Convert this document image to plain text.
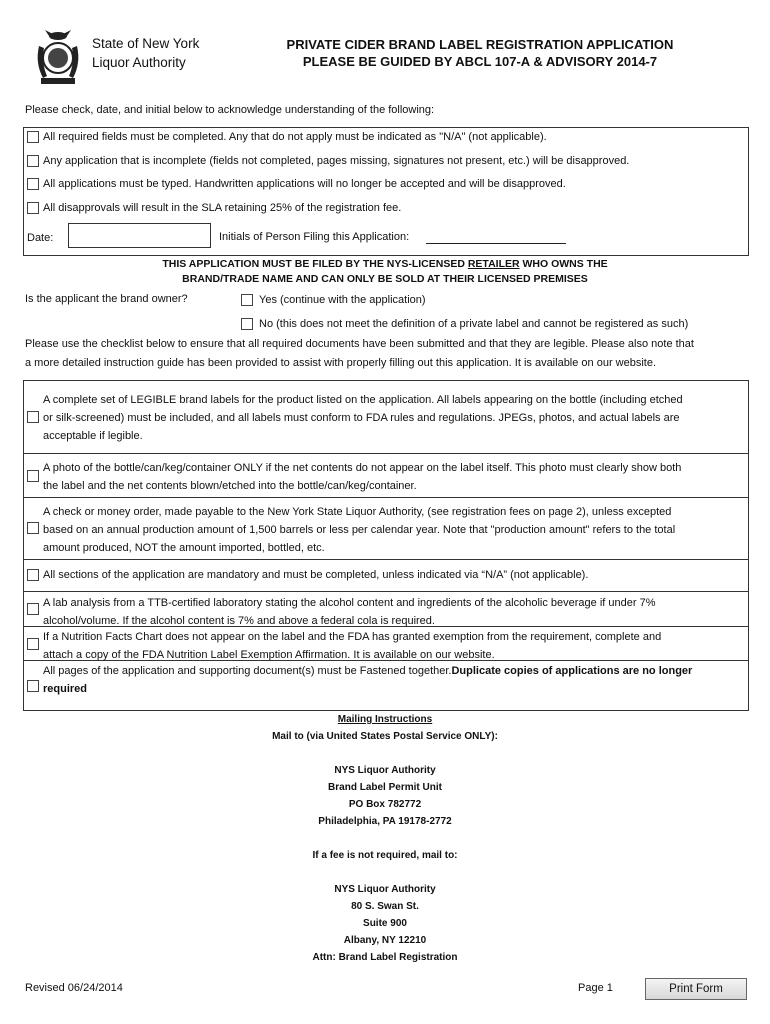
State of New York
Liquor Authority
PRIVATE CIDER BRAND LABEL REGISTRATION APPLICATION
PLEASE BE GUIDED BY ABCL 107-A & ADVISORY 2014-7
Please check, date, and initial below to acknowledge understanding of the following:
All required fields must be completed. Any that do not apply must be indicated as "N/A" (not applicable).
Any application that is incomplete (fields not completed, pages missing, signatures not present, etc.) will be disapproved.
All applications must be typed. Handwritten applications will no longer be accepted and will be disapproved.
All disapprovals will result in the SLA retaining 25% of the registration fee.
Date:	Initials of Person Filing this Application:
THIS APPLICATION MUST BE FILED BY THE NYS-LICENSED RETAILER WHO OWNS THE
BRAND/TRADE NAME AND CAN ONLY BE SOLD AT THEIR LICENSED PREMISES
Is the applicant the brand owner?	Yes (continue with the application)
No (this does not meet the definition of a private label and cannot be registered as such)
Please use the checklist below to ensure that all required documents have been submitted and that they are legible. Please also note that
a more detailed instruction guide has been provided to assist with properly filling out this application. It is available on our website.
A complete set of LEGIBLE brand labels for the product listed on the application. All labels appearing on the bottle (including etched
or silk-screened) must be included, and all labels must conform to FDA rules and regulations. JPEGs, photos, and actual labels are
acceptable if legible.
A photo of the bottle/can/keg/container ONLY if the net contents do not appear on the label itself. This photo must clearly show both
the label and the net contents blown/etched into the bottle/can/keg/container.
A check or money order, made payable to the New York State Liquor Authority, (see registration fees on page 2), unless excepted
based on an annual production amount of 1,500 barrels or less per calendar year. Note that "production amount" refers to the total
amount produced, NOT the amount imported, bottled, etc.
All sections of the application are mandatory and must be completed, unless indicated via “N/A” (not applicable).
A lab analysis from a TTB-certified laboratory stating the alcohol content and ingredients of the alcoholic beverage if under 7%
alcohol/volume. If the alcohol content is 7% and above a federal cola is required.
If a Nutrition Facts Chart does not appear on the label and the FDA has granted exemption from the requirement, complete and
attach a copy of the FDA Nutrition Label Exemption Affirmation. It is available on our website.
All pages of the application and supporting document(s) must be Fastened together.Duplicate copies of applications are no longer
required
Mailing Instructions
Mail to (via United States Postal Service ONLY):
NYS Liquor Authority
Brand Label Permit Unit
PO Box 782772
Philadelphia, PA 19178-2772
If a fee is not required, mail to:
NYS Liquor Authority
80 S. Swan St.
Suite 900
Albany, NY 12210
Attn: Brand Label Registration
Revised 06/24/2014	Page 1	Print Form
